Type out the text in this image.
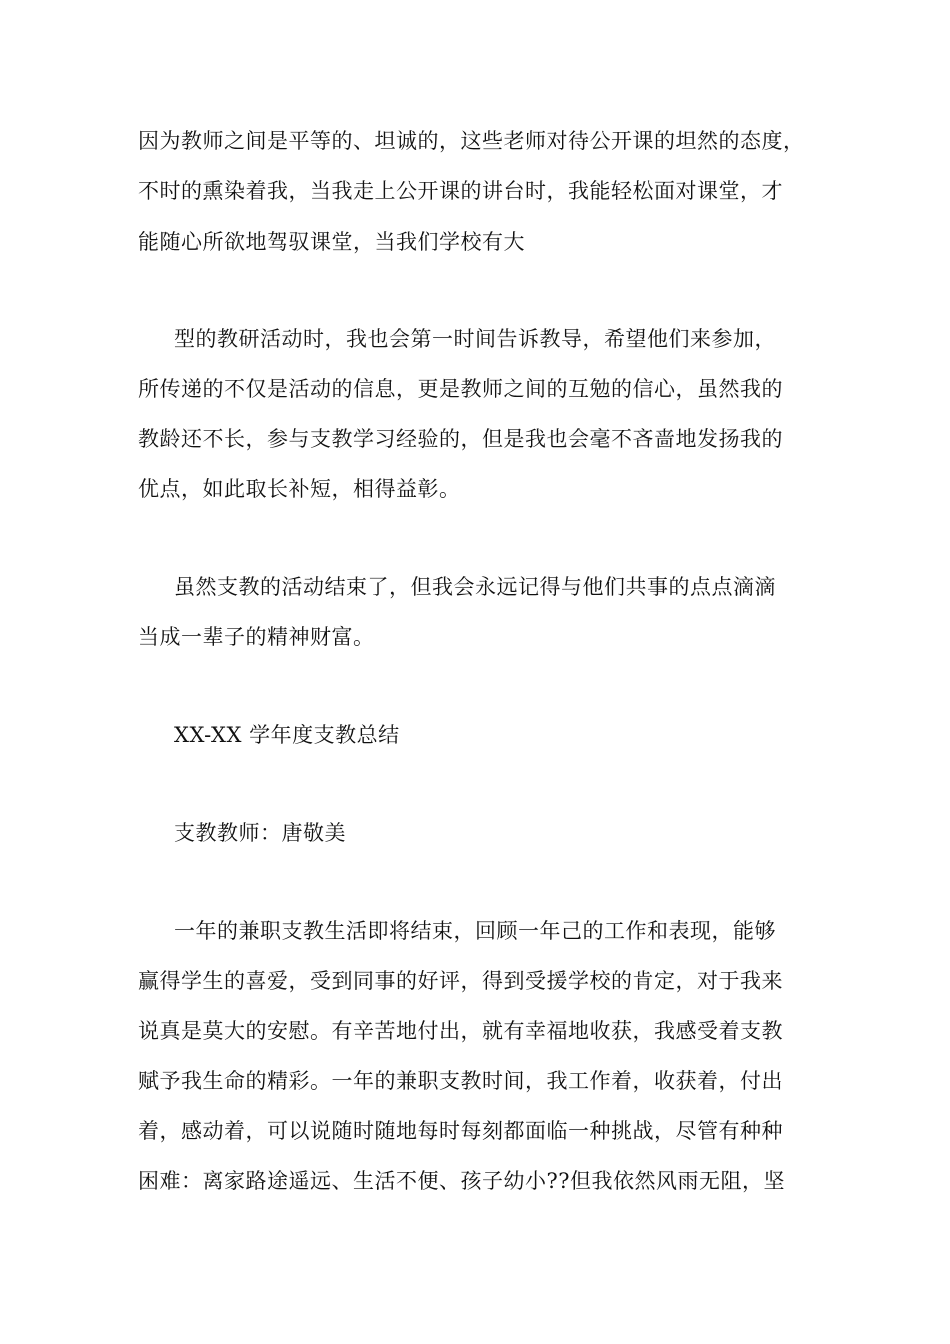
因为教师之间是平等的、坦诚的，这些老师对待公开课的坦然的态度，
不时的熏染着我，当我走上公开课的讲台时，我能轻松面对课堂，才
能随心所欲地驾驭课堂，当我们学校有大
型的教研活动时，我也会第一时间告诉教导，希望他们来参加，
所传递的不仅是活动的信息，更是教师之间的互勉的信心，虽然我的
教龄还不长，参与支教学习经验的，但是我也会毫不吝啬地发扬我的
优点，如此取长补短，相得益彰。
虽然支教的活动结束了，但我会永远记得与他们共事的点点滴滴
当成一辈子的精神财富。
XX-XX 学年度支教总结
支教教师：唐敬美
一年的兼职支教生活即将结束，回顾一年己的工作和表现，能够
赢得学生的喜爱，受到同事的好评，得到受援学校的肯定，对于我来
说真是莫大的安慰。有辛苦地付出，就有幸福地收获，我感受着支教
赋予我生命的精彩。一年的兼职支教时间，我工作着，收获着，付出
着，感动着，可以说随时随地每时每刻都面临一种挑战，尽管有种种
困难：离家路途遥远、生活不便、孩子幼小??但我依然风雨无阻，坚
